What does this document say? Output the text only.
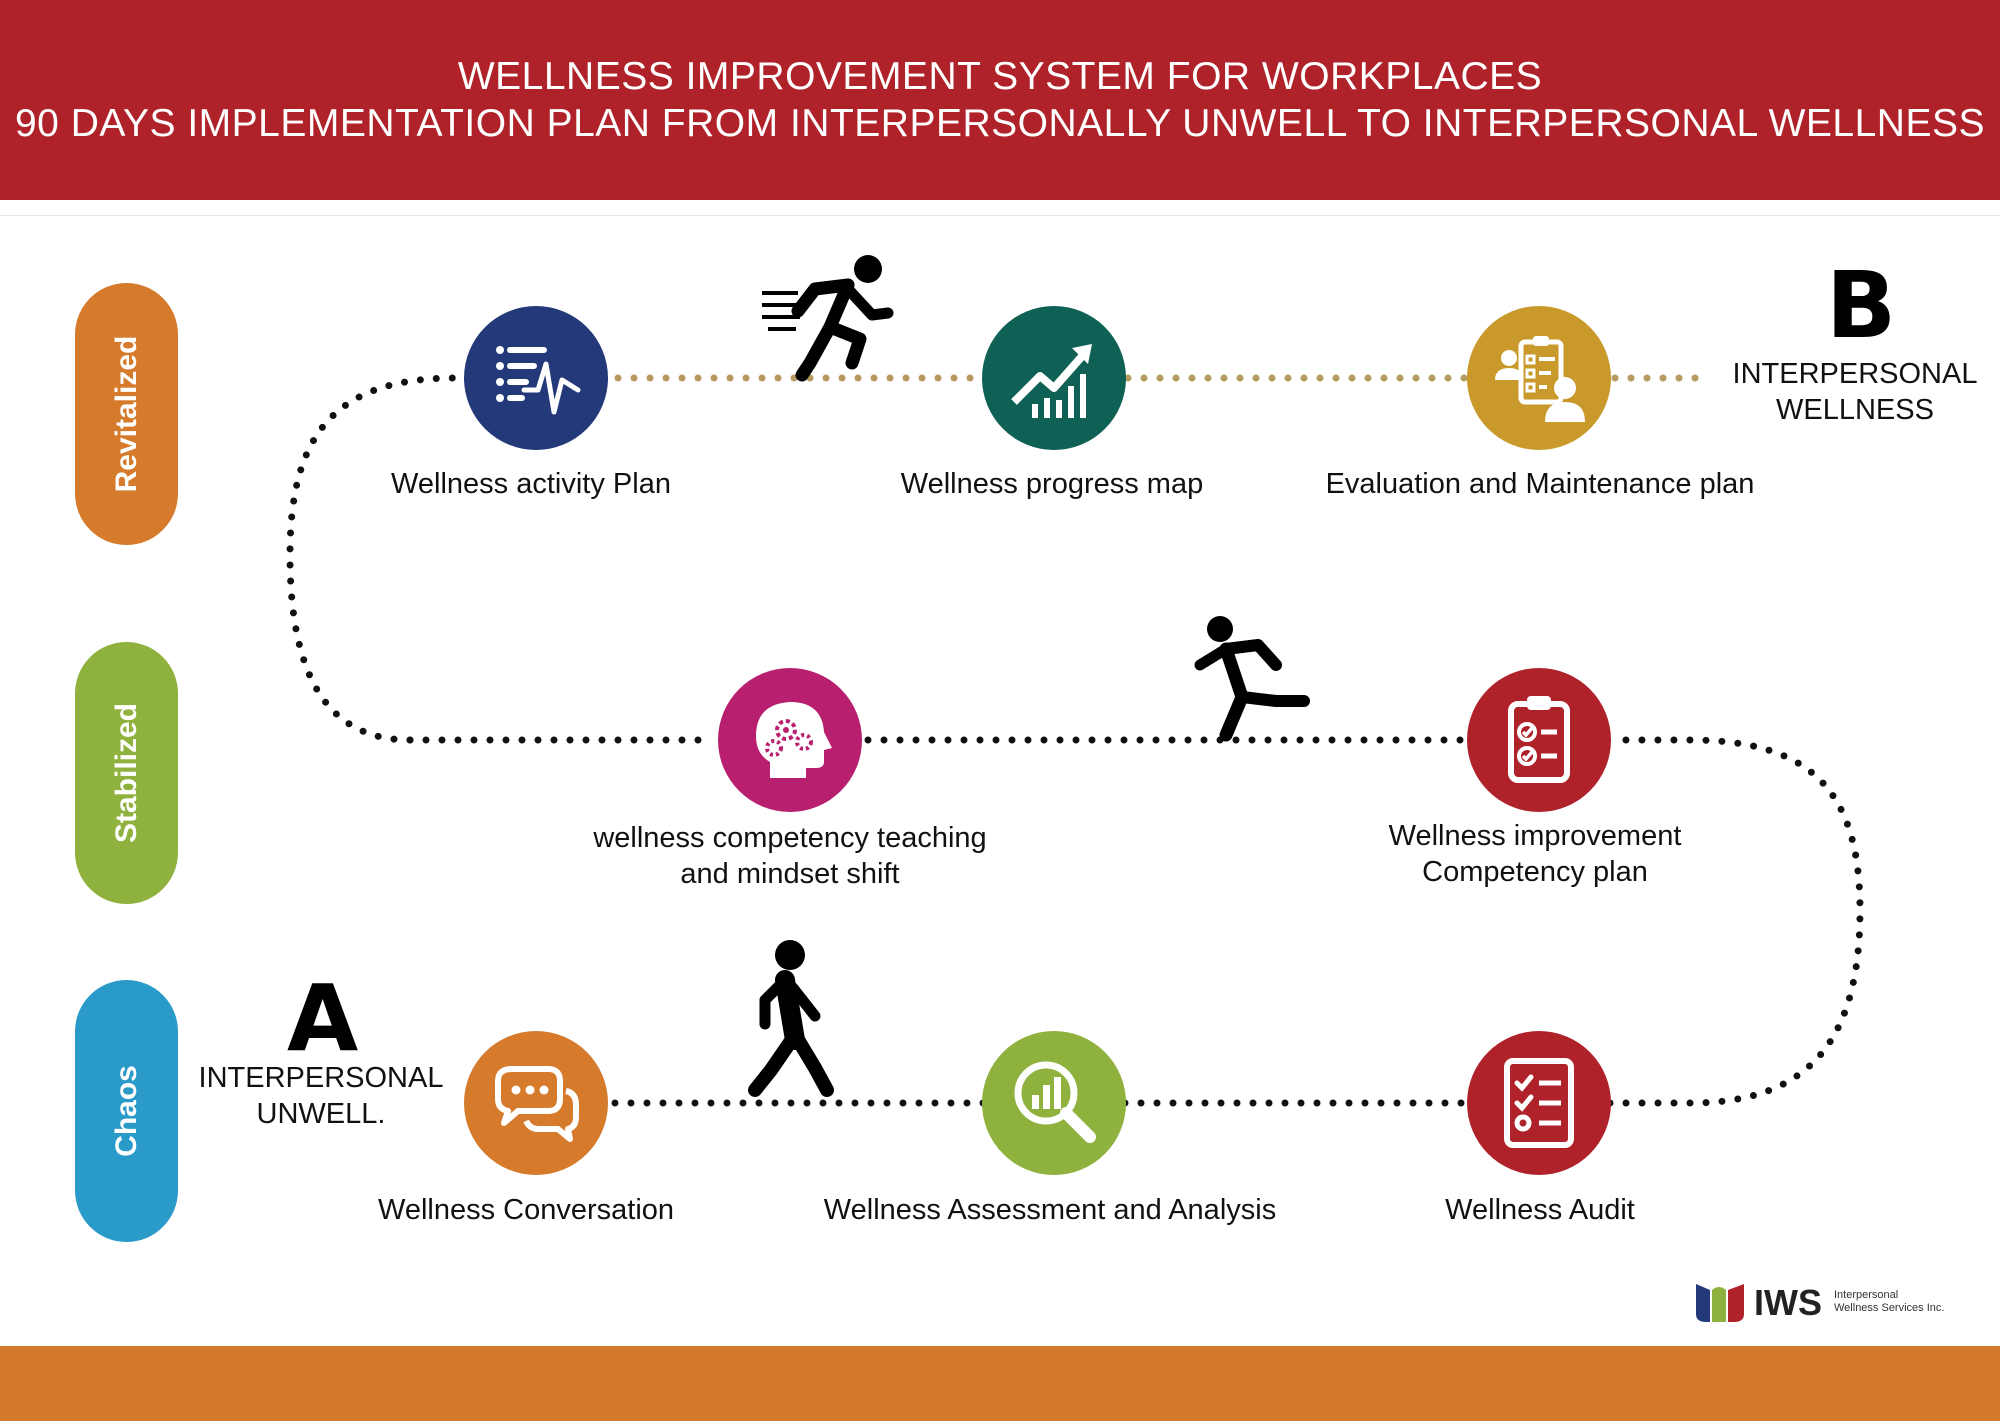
WELLNESS IMPROVEMENT SYSTEM FOR WORKPLACES
90 DAYS IMPLEMENTATION PLAN FROM INTERPERSONALLY UNWELL TO INTERPERSONAL WELLNESS
Revitalized
Stabilized
Chaos
A
INTERPERSONAL
UNWELL.
B
INTERPERSONAL
WELLNESS
Wellness Conversation	Wellness Assessment and Analysis	Wellness Audit
Wellness improvement
Competency plan
wellness competency teaching
and mindset shift
Wellness activity Plan	Wellness progress map	Evaluation and Maintenance plan
IWS Interpersonal
Wellness Services Inc.
